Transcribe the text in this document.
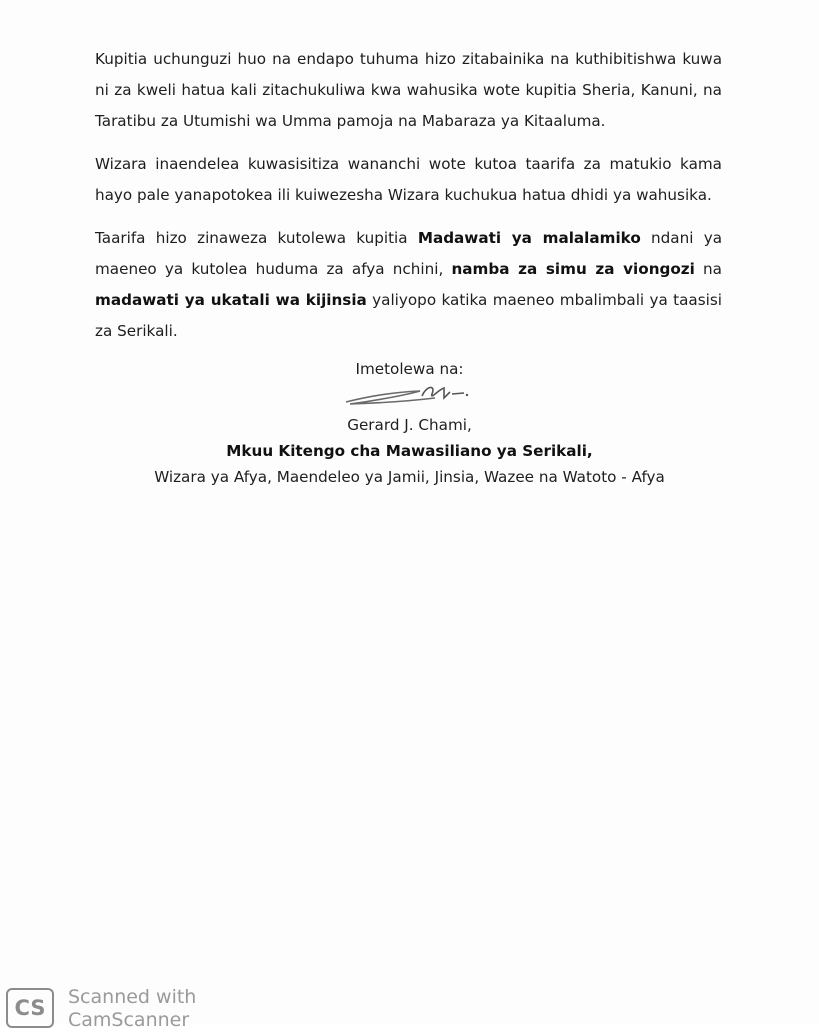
Kupitia uchunguzi huo na endapo tuhuma hizo zitabainika na kuthibitishwa kuwa ni za kweli hatua kali zitachukuliwa kwa wahusika wote kupitia Sheria, Kanuni, na Taratibu za Utumishi wa Umma pamoja na Mabaraza ya Kitaaluma.

Wizara inaendelea kuwasisitiza wananchi wote kutoa taarifa za matukio kama hayo pale yanapotokea ili kuiwezesha Wizara kuchukua hatua dhidi ya wahusika.

Taarifa hizo zinaweza kutolewa kupitia Madawati ya malalamiko ndani ya maeneo ya kutolea huduma za afya nchini, namba za simu za viongozi na madawati ya ukatali wa kijinsia yaliyopo katika maeneo mbalimbali ya taasisi za Serikali.

Imetolewa na:
Gerard J. Chami,
Mkuu Kitengo cha Mawasiliano ya Serikali,
Wizara ya Afya, Maendeleo ya Jamii, Jinsia, Wazee na Watoto - Afya
CS	Scanned with
CamScanner
